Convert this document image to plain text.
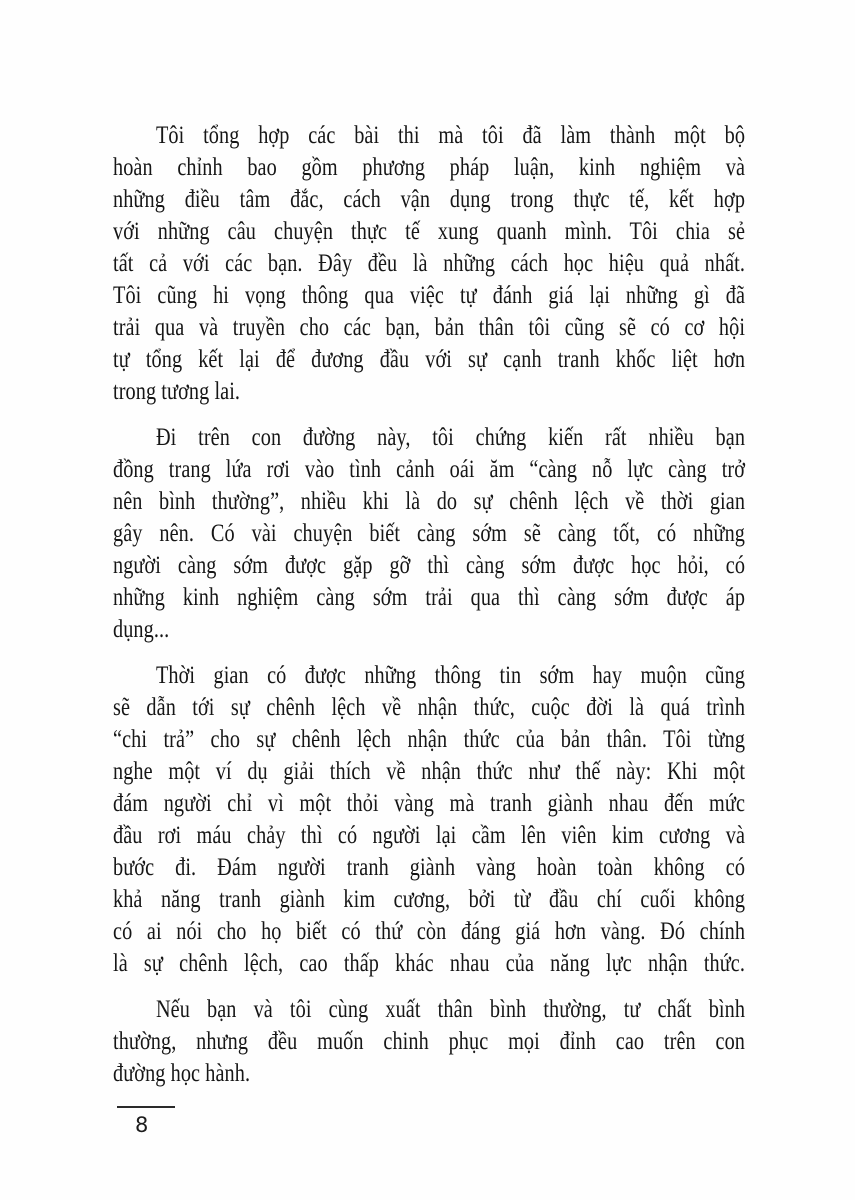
Tôi tổng hợp các bài thi mà tôi đã làm thành một bộ
hoàn chỉnh bao gồm phương pháp luận, kinh nghiệm và
những điều tâm đắc, cách vận dụng trong thực tế, kết hợp
với những câu chuyện thực tế xung quanh mình. Tôi chia sẻ
tất cả với các bạn. Đây đều là những cách học hiệu quả nhất.
Tôi cũng hi vọng thông qua việc tự đánh giá lại những gì đã
trải qua và truyền cho các bạn, bản thân tôi cũng sẽ có cơ hội
tự tổng kết lại để đương đầu với sự cạnh tranh khốc liệt hơn
trong tương lai.

Đi trên con đường này, tôi chứng kiến rất nhiều bạn
đồng trang lứa rơi vào tình cảnh oái ăm “càng nỗ lực càng trở
nên bình thường”, nhiều khi là do sự chênh lệch về thời gian
gây nên. Có vài chuyện biết càng sớm sẽ càng tốt, có những
người càng sớm được gặp gỡ thì càng sớm được học hỏi, có
những kinh nghiệm càng sớm trải qua thì càng sớm được áp
dụng...

Thời gian có được những thông tin sớm hay muộn cũng
sẽ dẫn tới sự chênh lệch về nhận thức, cuộc đời là quá trình
“chi trả” cho sự chênh lệch nhận thức của bản thân. Tôi từng
nghe một ví dụ giải thích về nhận thức như thế này: Khi một
đám người chỉ vì một thỏi vàng mà tranh giành nhau đến mức
đầu rơi máu chảy thì có người lại cầm lên viên kim cương và
bước đi. Đám người tranh giành vàng hoàn toàn không có
khả năng tranh giành kim cương, bởi từ đầu chí cuối không
có ai nói cho họ biết có thứ còn đáng giá hơn vàng. Đó chính
là sự chênh lệch, cao thấp khác nhau của năng lực nhận thức.

Nếu bạn và tôi cùng xuất thân bình thường, tư chất bình
thường, nhưng đều muốn chinh phục mọi đỉnh cao trên con
đường học hành.

8
